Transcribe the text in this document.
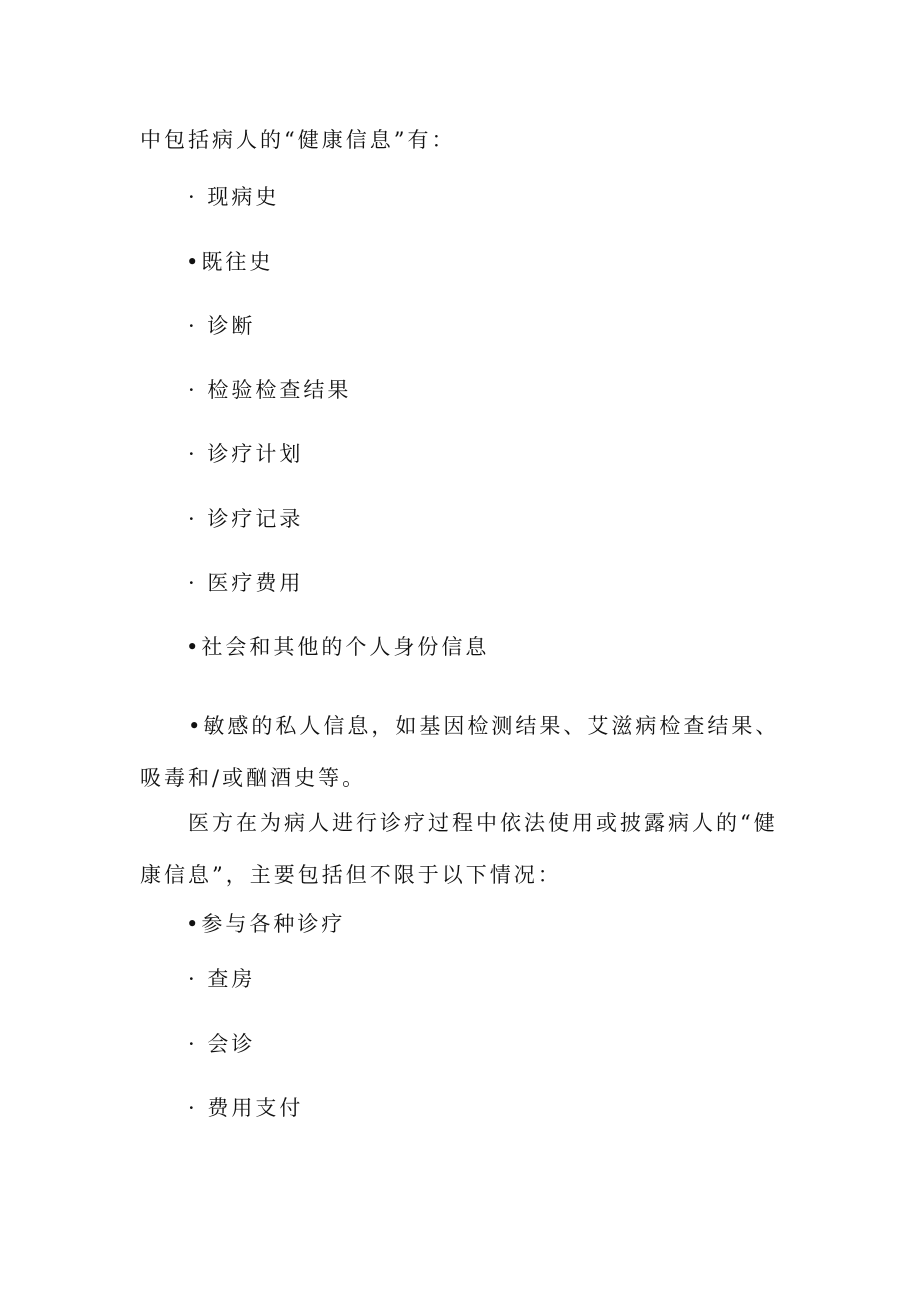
中包括病人的“健康信息”有：
· 现病史
•既往史
· 诊断
· 检验检查结果
· 诊疗计划
· 诊疗记录
· 医疗费用
•社会和其他的个人身份信息
•敏感的私人信息，如基因检测结果、艾滋病检查结果、吸毒和/或酗酒史等。
医方在为病人进行诊疗过程中依法使用或披露病人的“健康信息”，主要包括但不限于以下情况：
•参与各种诊疗
· 查房
· 会诊
· 费用支付
